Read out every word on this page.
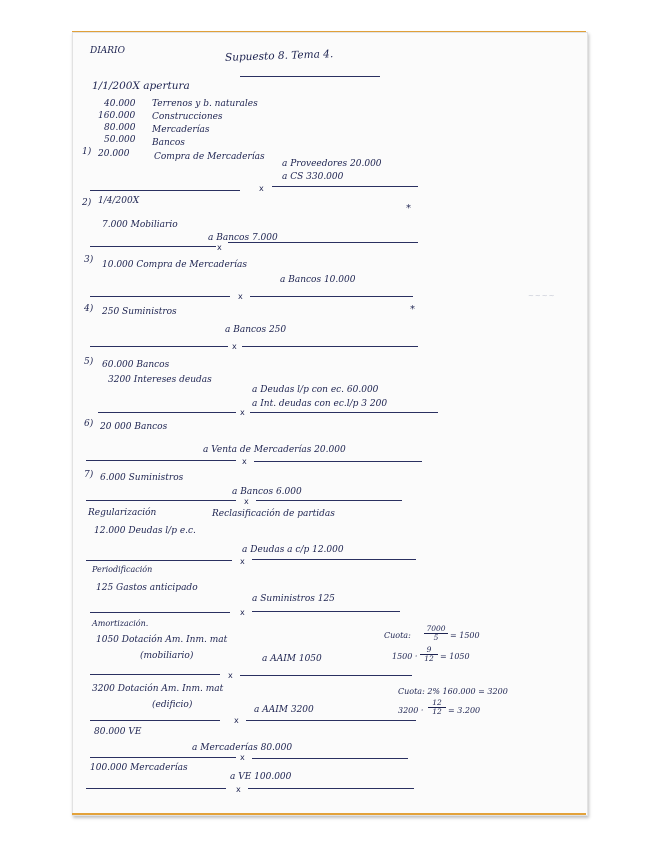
DIARIO	Supuesto 8. Tema 4.
1/1/200X apertura
40.000 Terrenos y b. naturales
160.000 Construcciones
80.000 Mercaderías
50.000 Bancos
1) 20.000	Compra de Mercaderías
a Proveedores 20.000
a CS 330.000
x
2) 1/4/200X
*
7.000 Mobiliario
a Bancos 7.000
x
3) 10.000 Compra de Mercaderías
a Bancos 10.000
~~~~
x
4) 250 Suministros	*
a Bancos 250
x
5) 60.000 Bancos
3200 Intereses deudas
a Deudas l/p con ec. 60.000
a Int. deudas con ec.l/p 3 200
x
6) 20 000 Bancos
a Venta de Mercaderías 20.000
x
7) 6.000 Suministros
a Bancos 6.000
x
Regularización	Reclasificación de partidas
12.000 Deudas l/p e.c.
a Deudas a c/p 12.000
x
Periodificación
125 Gastos anticipado
a Suministros 125
x
Amortización.
1050 Dotación Am. Inm. mat
(mobiliario)	a AAIM 1050
Cuota: $\frac{7000}{5} = 1500$
$1500 \cdot \frac{9}{12} = 1050$
x
3200 Dotación Am. Inm. mat
(edificio)	a AAIM 3200
Cuota: 2% 160.000 = 3200
$3200 \cdot \frac{12}{12} = 3.200$
x
80.000 VE
a Mercaderías 80.000
x
100.000 Mercaderías
a VE 100.000
x
